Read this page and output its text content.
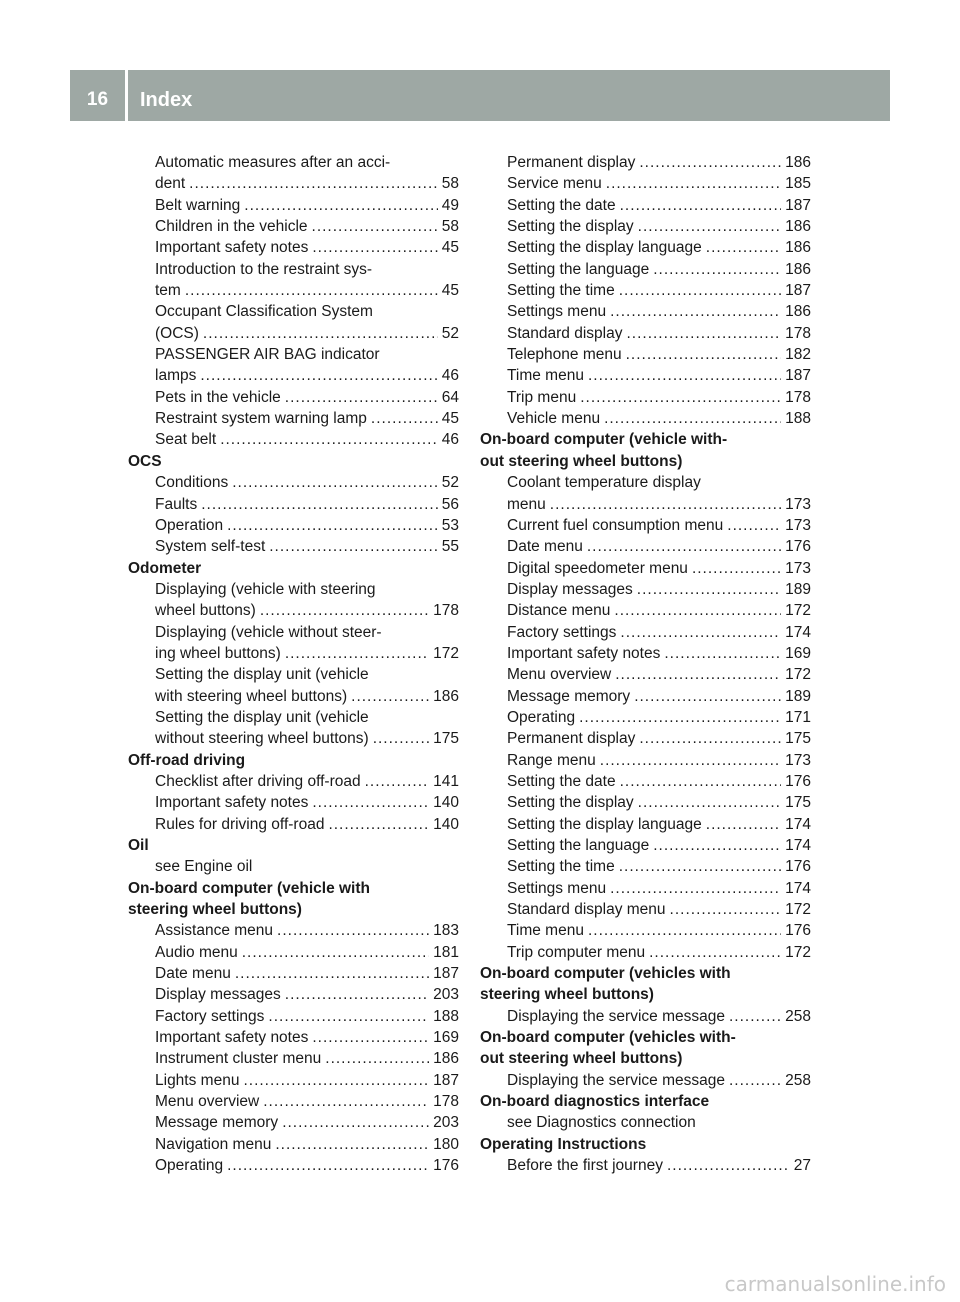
16	Index
Automatic measures after an acci-
dent .....	58
Belt warning .....	49
Children in the vehicle .....	58
Important safety notes .....	45
Introduction to the restraint sys-
tem .....	45
Occupant Classification System
(OCS) .....	52
PASSENGER AIR BAG indicator
lamps .....	46
Pets in the vehicle .....	64
Restraint system warning lamp .....	45
Seat belt .....	46
OCS
Conditions .....	52
Faults .....	56
Operation .....	53
System self-test .....	55
Odometer
Displaying (vehicle with steering
wheel buttons) .....	178
Displaying (vehicle without steer-
ing wheel buttons) .....	172
Setting the display unit (vehicle
with steering wheel buttons) .....	186
Setting the display unit (vehicle
without steering wheel buttons) .....	175
Off-road driving
Checklist after driving off-road .....	141
Important safety notes .....	140
Rules for driving off-road .....	140
Oil
see Engine oil
On-board computer (vehicle with
steering wheel buttons)
Assistance menu .....	183
Audio menu .....	181
Date menu .....	187
Display messages .....	203
Factory settings .....	188
Important safety notes .....	169
Instrument cluster menu .....	186
Lights menu .....	187
Menu overview .....	178
Message memory .....	203
Navigation menu .....	180
Operating .....	176
Permanent display .....	186
Service menu .....	185
Setting the date .....	187
Setting the display .....	186
Setting the display language .....	186
Setting the language .....	186
Setting the time .....	187
Settings menu .....	186
Standard display .....	178
Telephone menu .....	182
Time menu .....	187
Trip menu .....	178
Vehicle menu .....	188
On-board computer (vehicle with-
out steering wheel buttons)
Coolant temperature display
menu .....	173
Current fuel consumption menu .....	173
Date menu .....	176
Digital speedometer menu .....	173
Display messages .....	189
Distance menu .....	172
Factory settings .....	174
Important safety notes .....	169
Menu overview .....	172
Message memory .....	189
Operating .....	171
Permanent display .....	175
Range menu .....	173
Setting the date .....	176
Setting the display .....	175
Setting the display language .....	174
Setting the language .....	174
Setting the time .....	176
Settings menu .....	174
Standard display menu .....	172
Time menu .....	176
Trip computer menu .....	172
On-board computer (vehicles with
steering wheel buttons)
Displaying the service message .....	258
On-board computer (vehicles with-
out steering wheel buttons)
Displaying the service message .....	258
On-board diagnostics interface
see Diagnostics connection
Operating Instructions
Before the first journey .....	27
carmanualsonline.info
